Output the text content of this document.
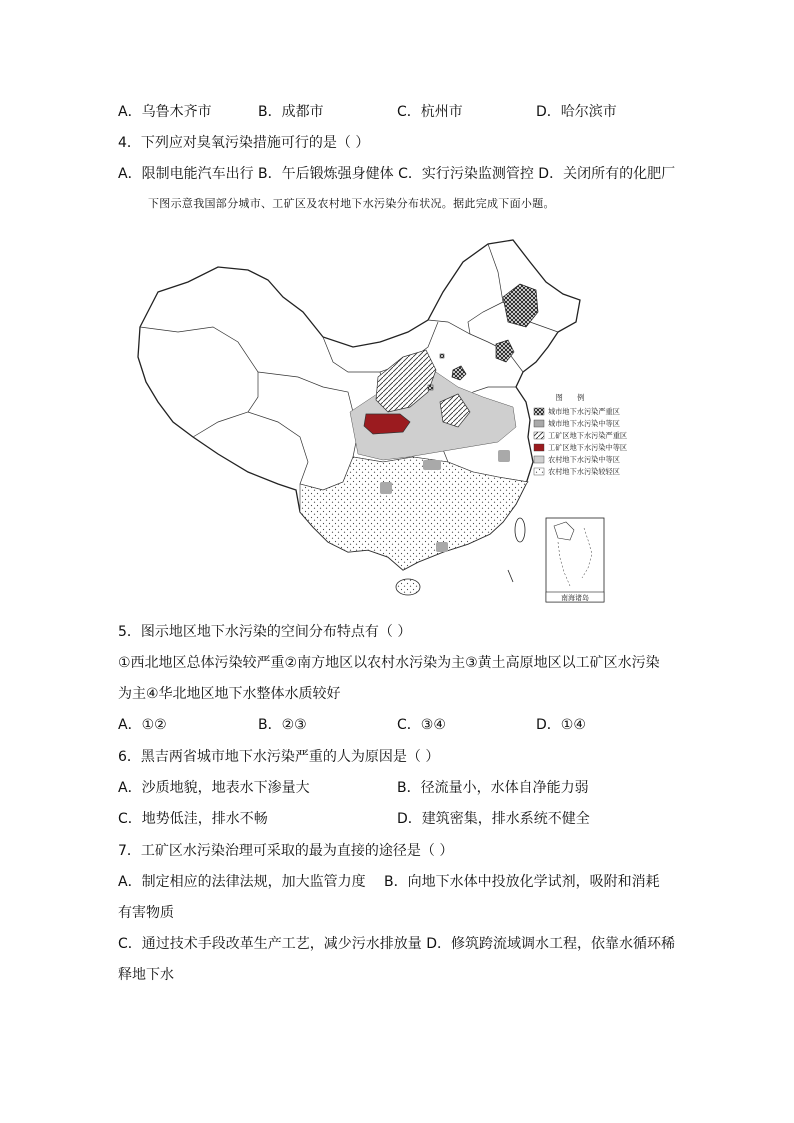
A．乌鲁木齐市	B．成都市	C．杭州市	D．哈尔滨市
4．下列应对臭氧污染措施可行的是（ ）
A．限制电能汽车出行 B．午后锻炼强身健体 C．实行污染监测管控 D．关闭所有的化肥厂
下图示意我国部分城市、工矿区及农村地下水污染分布状况。据此完成下面小题。
图　　例
城市地下水污染严重区
城市地下水污染中等区
工矿区地下水污染严重区
工矿区地下水污染中等区
农村地下水污染中等区
农村地下水污染较轻区
南海诸岛
5．图示地区地下水污染的空间分布特点有（ ）
①西北地区总体污染较严重②南方地区以农村水污染为主③黄土高原地区以工矿区水污染
为主④华北地区地下水整体水质较好
A．①②	B．②③	C．③④	D．①④
6．黑吉两省城市地下水污染严重的人为原因是（ ）
A．沙质地貌，地表水下渗量大	B．径流量小，水体自净能力弱
C．地势低洼，排水不畅	D．建筑密集，排水系统不健全
7．工矿区水污染治理可采取的最为直接的途径是（ ）
A．制定相应的法律法规，加大监管力度　 B．向地下水体中投放化学试剂，吸附和消耗
有害物质
C．通过技术手段改革生产工艺，减少污水排放量 D．修筑跨流域调水工程，依靠水循环稀
释地下水
